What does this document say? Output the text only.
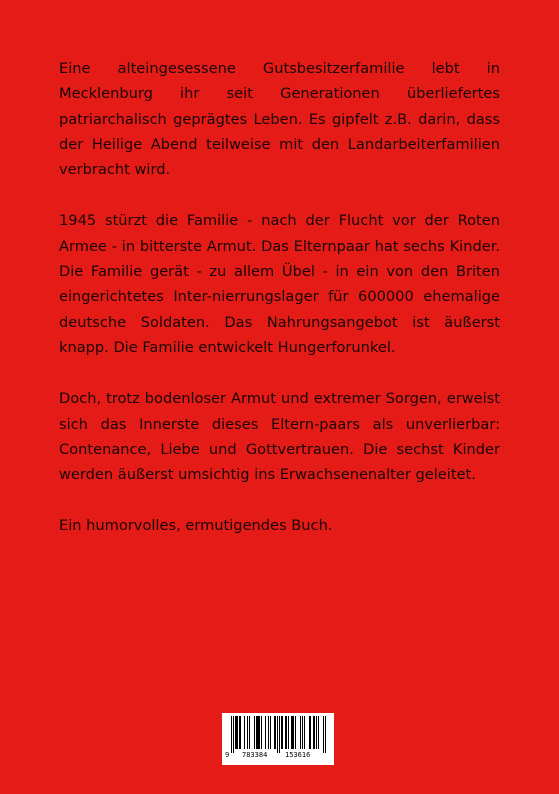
Eine alteingesessene Gutsbesitzerfamilie lebt in Mecklenburg ihr seit Generationen überliefertes patriarchalisch geprägtes Leben. Es gipfelt z.B. darin, dass der Heilige Abend teilweise mit den Landarbeiterfamilien verbracht wird.

1945 stürzt die Familie - nach der Flucht vor der Roten Armee - in bitterste Armut. Das Elternpaar hat sechs Kinder. Die Familie gerät - zu allem Übel - in ein von den Briten eingerichtetes Inter-nierrungslager für 600000 ehemalige deutsche Soldaten. Das Nahrungsangebot ist äußerst knapp. Die Familie entwickelt Hungerforunkel.

Doch, trotz bodenloser Armut und extremer Sorgen, erweist sich das Innerste dieses Eltern-paars als unverlierbar: Contenance, Liebe und Gottvertrauen. Die sechst Kinder werden äußerst umsichtig ins Erwachsenenalter geleitet.

Ein humorvolles, ermutigendes Buch.

9 783384	153616
